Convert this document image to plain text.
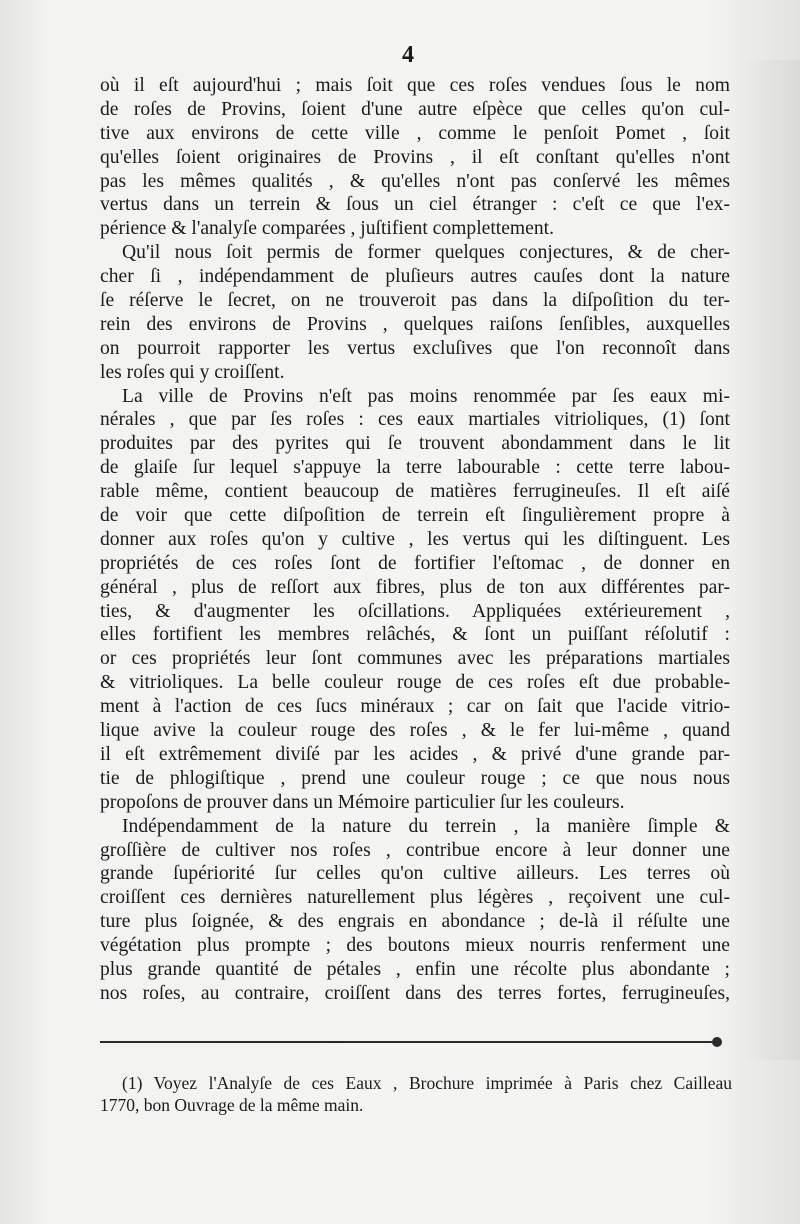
4
où il eſt aujourd'hui ; mais ſoit que ces roſes vendues ſous le nom
de roſes de Provins, ſoient d'une autre eſpèce que celles qu'on cul-
tive aux environs de cette ville , comme le penſoit Pomet , ſoit
qu'elles ſoient originaires de Provins , il eſt conſtant qu'elles n'ont
pas les mêmes qualités , & qu'elles n'ont pas conſervé les mêmes
vertus dans un terrein & ſous un ciel étranger : c'eſt ce que l'ex-
périence & l'analyſe comparées , juſtifient complettement.
Qu'il nous ſoit permis de former quelques conjectures, & de cher-
cher ſi , indépendamment de pluſieurs autres cauſes dont la nature
ſe réſerve le ſecret, on ne trouveroit pas dans la diſpoſition du ter-
rein des environs de Provins , quelques raiſons ſenſibles, auxquelles
on pourroit rapporter les vertus excluſives que l'on reconnoît dans
les roſes qui y croiſſent.
La ville de Provins n'eſt pas moins renommée par ſes eaux mi-
nérales , que par ſes roſes : ces eaux martiales vitrioliques, (1) ſont
produites par des pyrites qui ſe trouvent abondamment dans le lit
de glaiſe ſur lequel s'appuye la terre labourable : cette terre labou-
rable même, contient beaucoup de matières ferrugineuſes. Il eſt aiſé
de voir que cette diſpoſition de terrein eſt ſingulièrement propre à
donner aux roſes qu'on y cultive , les vertus qui les diſtinguent. Les
propriétés de ces roſes ſont de fortifier l'eſtomac , de donner en
général , plus de reſſort aux fibres, plus de ton aux différentes par-
ties, & d'augmenter les oſcillations. Appliquées extérieurement ,
elles fortifient les membres relâchés, & ſont un puiſſant réſolutif :
or ces propriétés leur ſont communes avec les préparations martiales
& vitrioliques. La belle couleur rouge de ces roſes eſt due probable-
ment à l'action de ces ſucs minéraux ; car on ſait que l'acide vitrio-
lique avive la couleur rouge des roſes , & le fer lui-même , quand
il eſt extrêmement diviſé par les acides , & privé d'une grande par-
tie de phlogiſtique , prend une couleur rouge ; ce que nous nous
propoſons de prouver dans un Mémoire particulier ſur les couleurs.
Indépendamment de la nature du terrein , la manière ſimple &
groſſière de cultiver nos roſes , contribue encore à leur donner une
grande ſupériorité ſur celles qu'on cultive ailleurs. Les terres où
croiſſent ces dernières naturellement plus légères , reçoivent une cul-
ture plus ſoignée, & des engrais en abondance ; de-là il réſulte une
végétation plus prompte ; des boutons mieux nourris renferment une
plus grande quantité de pétales , enfin une récolte plus abondante ;
nos roſes, au contraire, croiſſent dans des terres fortes, ferrugineuſes,
(1) Voyez l'Analyſe de ces Eaux , Brochure imprimée à Paris chez Cailleau
1770, bon Ouvrage de la même main.
